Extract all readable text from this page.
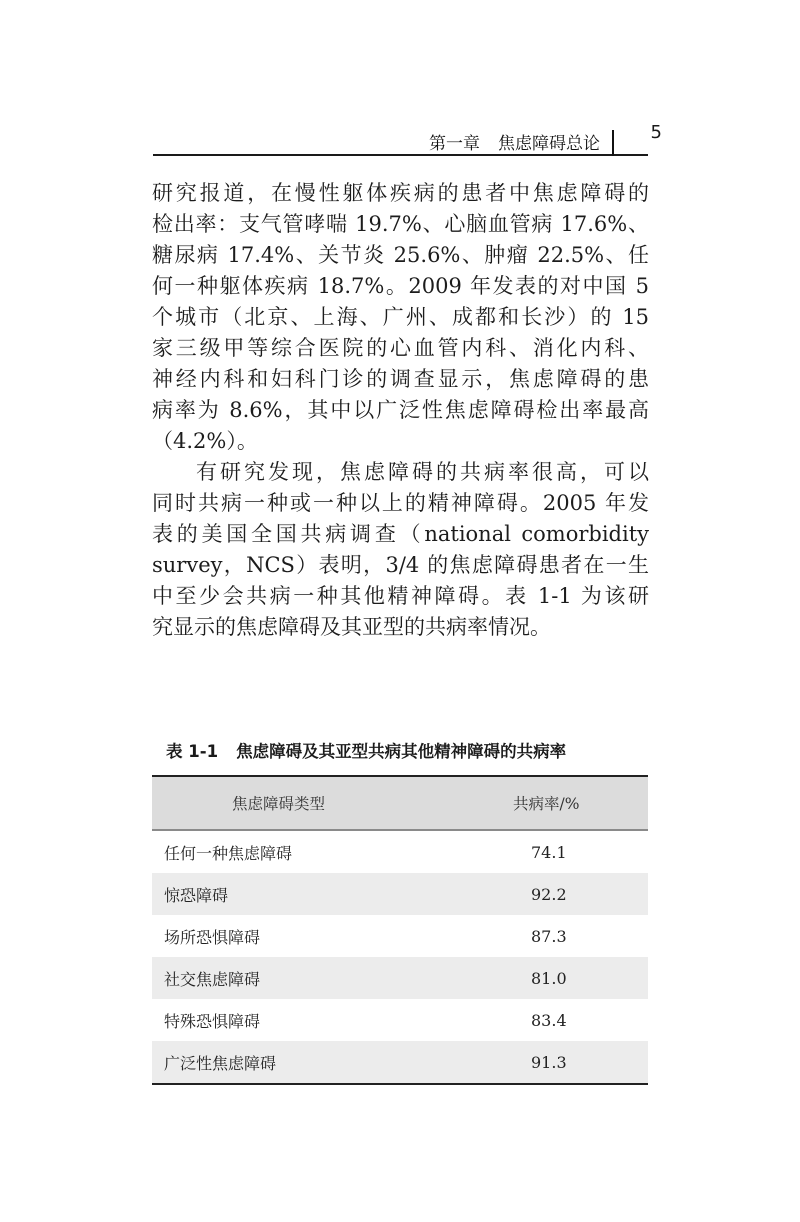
第一章 焦虑障碍总论
5

研究报道，在慢性躯体疾病的患者中焦虑障碍的
检出率：支气管哮喘 19.7%、心脑血管病 17.6%、
糖尿病 17.4%、关节炎 25.6%、肿瘤 22.5%、任
何一种躯体疾病 18.7%。2009 年发表的对中国 5
个城市（北京、上海、广州、成都和长沙）的 15
家三级甲等综合医院的心血管内科、消化内科、
神经内科和妇科门诊的调查显示，焦虑障碍的患
病率为 8.6%，其中以广泛性焦虑障碍检出率最高
（4.2%）。

有研究发现，焦虑障碍的共病率很高，可以
同时共病一种或一种以上的精神障碍。2005 年发
表的美国全国共病调查（national comorbidity
survey，NCS）表明，3/4 的焦虑障碍患者在一生
中至少会共病一种其他精神障碍。表 1-1 为该研
究显示的焦虑障碍及其亚型的共病率情况。

表 1-1 焦虑障碍及其亚型共病其他精神障碍的共病率
焦虑障碍类型	共病率/%
任何一种焦虑障碍	74.1
惊恐障碍	92.2
场所恐惧障碍	87.3
社交焦虑障碍	81.0
特殊恐惧障碍	83.4
广泛性焦虑障碍	91.3
